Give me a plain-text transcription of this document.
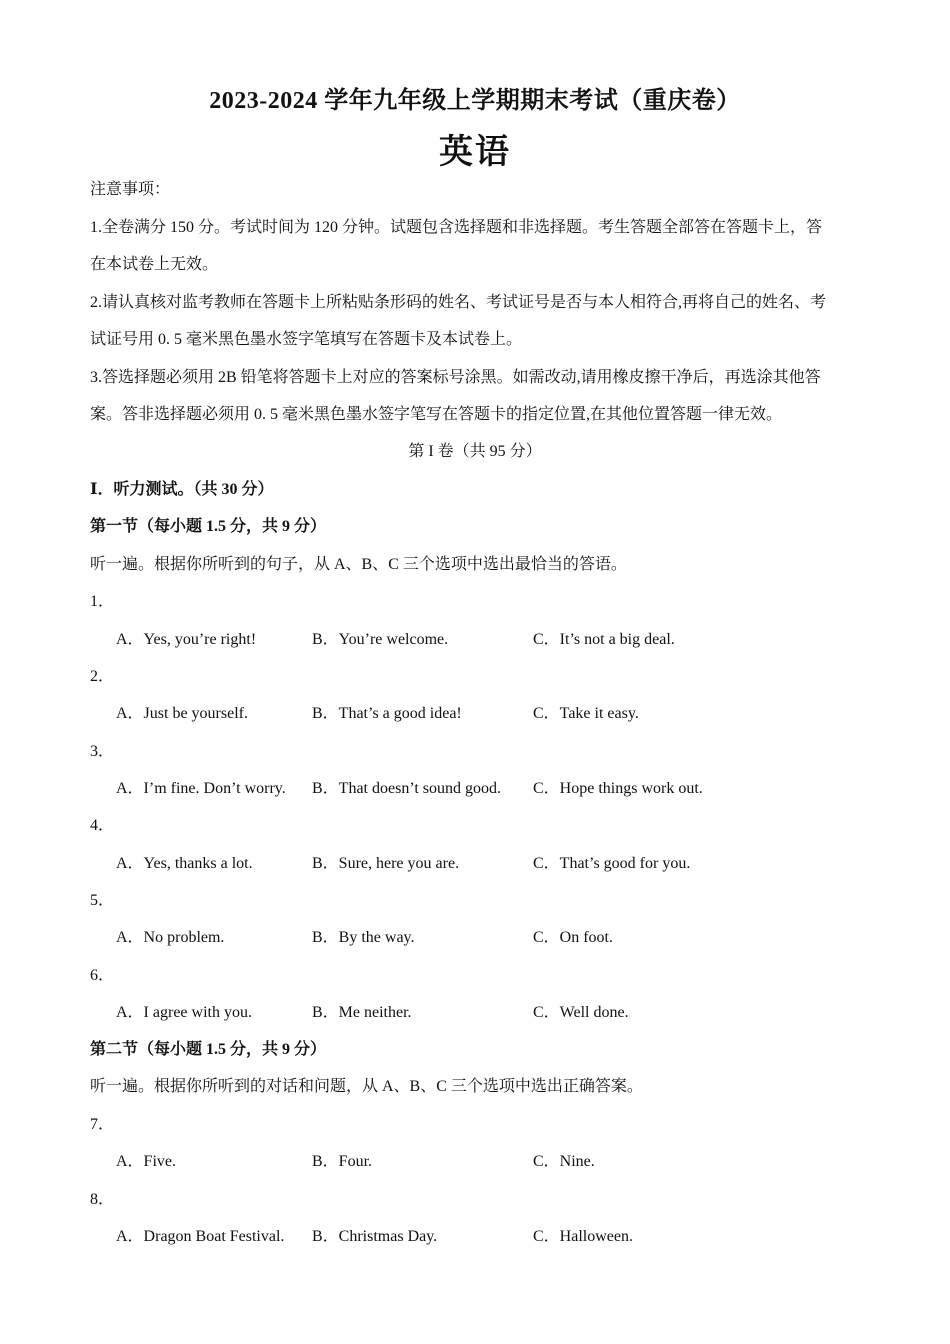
2023-2024 学年九年级上学期期末考试（重庆卷）
英语
注意事项：
1.全卷满分 150 分。考试时间为 120 分钟。试题包含选择题和非选择题。考生答题全部答在答题卡上，答
在本试卷上无效。
2.请认真核对监考教师在答题卡上所粘贴条形码的姓名、考试证号是否与本人相符合,再将自己的姓名、考
试证号用 0. 5 毫米黑色墨水签字笔填写在答题卡及本试卷上。
3.答选择题必须用 2B 铅笔将答题卡上对应的答案标号涂黑。如需改动,请用橡皮擦干净后，再选涂其他答
案。答非选择题必须用 0. 5 毫米黑色墨水签字笔写在答题卡的指定位置,在其他位置答题一律无效。
第 I 卷（共 95 分）
Ⅰ．听力测试。（共 30 分）
第一节（每小题 1.5 分，共 9 分）
听一遍。根据你所听到的句子，从 A、B、C 三个选项中选出最恰当的答语。
1．
A．Yes, you’re right!	B．You’re welcome.	C．It’s not a big deal.
2．
A．Just be yourself.	B．That’s a good idea!	C．Take it easy.
3．
A．I’m fine. Don’t worry. B．That doesn’t sound good. C．Hope things work out.
4．
A．Yes, thanks a lot.	B．Sure, here you are.	C．That’s good for you.
5．
A．No problem.	B．By the way.	C．On foot.
6．
A．I agree with you.	B．Me neither.	C．Well done.
第二节（每小题 1.5 分，共 9 分）
听一遍。根据你所听到的对话和问题，从 A、B、C 三个选项中选出正确答案。
7．
A．Five.	B．Four.	C．Nine.
8．
A．Dragon Boat Festival. B．Christmas Day.	C．Halloween.
